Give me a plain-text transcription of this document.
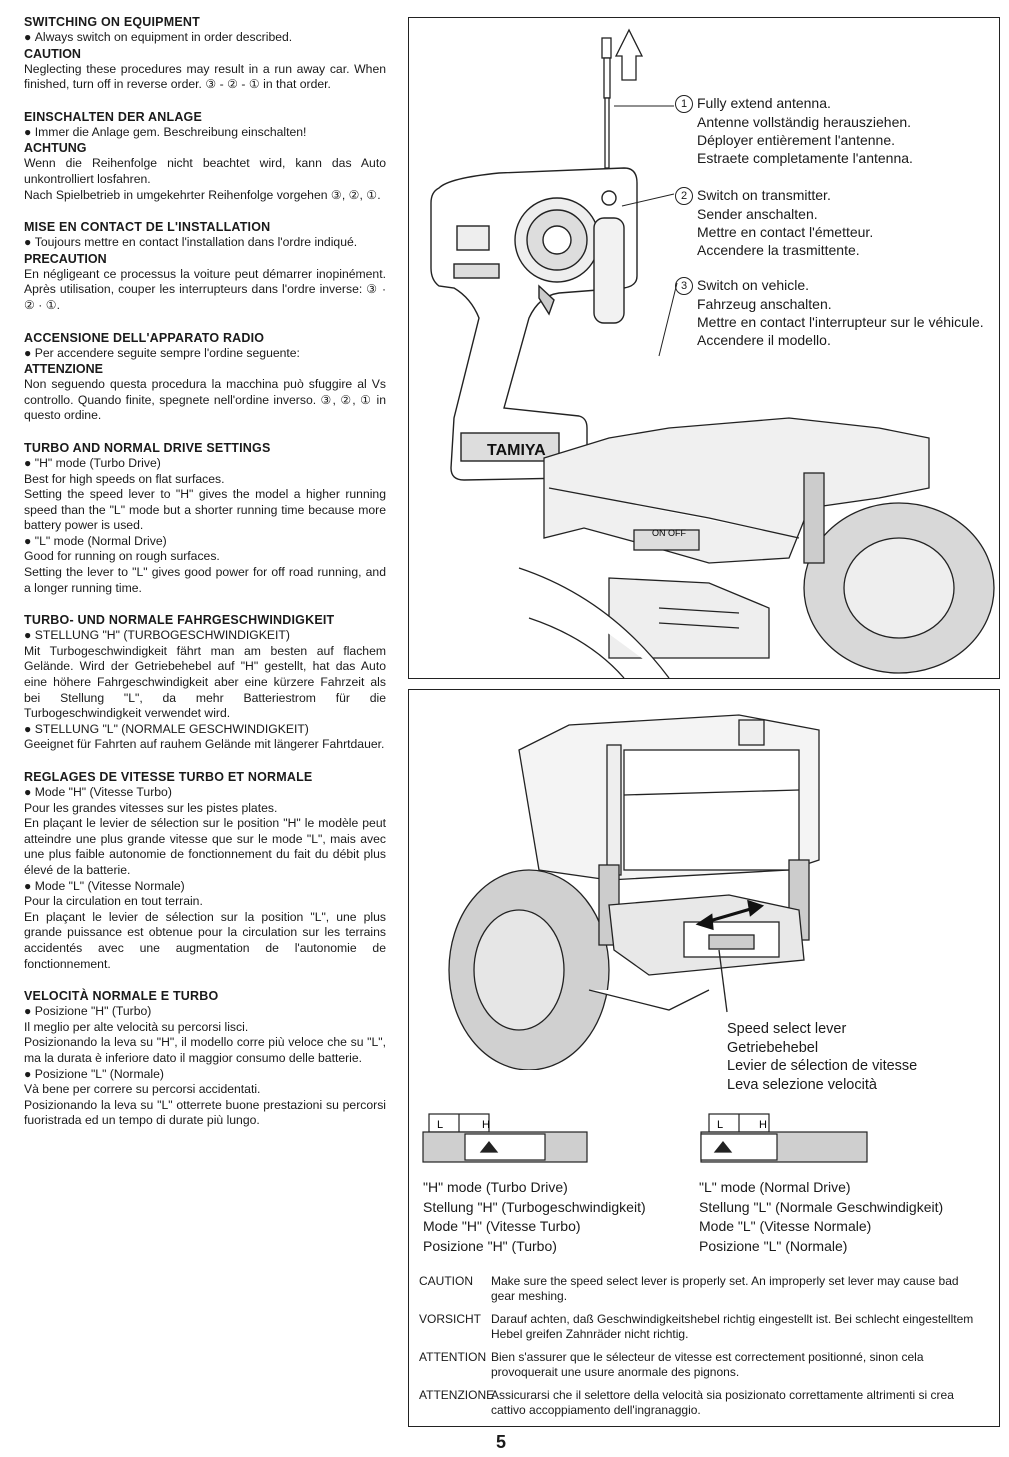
SWITCHING ON EQUIPMENT
● Always switch on equipment in order described.
CAUTION
Neglecting these procedures may result in a run away car. When finished, turn off in reverse order. ③ - ② - ① in that order.
EINSCHALTEN DER ANLAGE
● Immer die Anlage gem. Beschreibung einschalten!
ACHTUNG
Wenn die Reihenfolge nicht beachtet wird, kann das Auto unkontrolliert losfahren.
Nach Spielbetrieb in umgekehrter Reihenfolge vorgehen ③, ②, ①.
MISE EN CONTACT DE L'INSTALLATION
● Toujours mettre en contact l'installation dans l'ordre indiqué.
PRECAUTION
En négligeant ce processus la voiture peut démarrer inopinément. Après utilisation, couper les interrupteurs dans l'ordre inverse: ③ · ② · ①.
ACCENSIONE DELL'APPARATO RADIO
● Per accendere seguite sempre l'ordine seguente:
ATTENZIONE
Non seguendo questa procedura la macchina può sfuggire al Vs controllo. Quando finite, spegnete nell'ordine inverso. ③, ②, ① in questo ordine.
TURBO AND NORMAL DRIVE SETTINGS
● "H" mode (Turbo Drive)
Best for high speeds on flat surfaces.
Setting the speed lever to "H" gives the model a higher running speed than the "L" mode but a shorter running time because more battery power is used.
● "L" mode (Normal Drive)
Good for running on rough surfaces.
Setting the lever to "L" gives good power for off road running, and a longer running time.
TURBO- UND NORMALE FAHRGESCHWINDIGKEIT
● STELLUNG "H" (TURBOGESCHWINDIGKEIT)
Mit Turbogeschwindigkeit fährt man am besten auf flachem Gelände. Wird der Getriebehebel auf "H" gestellt, hat das Auto eine höhere Fahrgeschwindigkeit aber eine kürzere Fahrzeit als bei Stellung "L", da mehr Batteriestrom für die Turbogeschwindigkeit verwendet wird.
● STELLUNG "L" (NORMALE GESCHWINDIGKEIT)
Geeignet für Fahrten auf rauhem Gelände mit längerer Fahrtdauer.
REGLAGES DE VITESSE TURBO ET NORMALE
● Mode "H" (Vitesse Turbo)
Pour les grandes vitesses sur les pistes plates.
En plaçant le levier de sélection sur le position "H" le modèle peut atteindre une plus grande vitesse que sur le mode "L", mais avec une plus faible autonomie de fonctionnement du fait du débit plus élevé de la batterie.
● Mode "L" (Vitesse Normale)
Pour la circulation en tout terrain.
En plaçant le levier de sélection sur la position "L", une plus grande puissance est obtenue pour la circulation sur les terrains accidentés avec une augmentation de l'autonomie de fonctionnement.
VELOCITÀ NORMALE E TURBO
● Posizione "H" (Turbo)
Il meglio per alte velocità su percorsi lisci.
Posizionando la leva su "H", il modello corre più veloce che su "L", ma la durata è inferiore dato il maggior consumo delle batterie.
● Posizione "L" (Normale)
Và bene per correre su percorsi accidentati.
Posizionando la leva su "L" otterrete buone prestazioni su percorsi fuoristrada ed un tempo di durate più lungo.
TAMIYA
ON OFF
1 Fully extend antenna.
Antenne vollständig herausziehen.
Déployer entièrement l'antenne.
Estraete completamente l'antenna.
2 Switch on transmitter.
Sender anschalten.
Mettre en contact l'émetteur.
Accendere la trasmittente.
3 Switch on vehicle.
Fahrzeug anschalten.
Mettre en contact l'interrupteur sur le véhicule.
Accendere il modello.
Speed select lever
Getriebehebel
Levier de sélection de vitesse
Leva selezione velocità
L	H	L	H
"H" mode (Turbo Drive)
Stellung "H" (Turbogeschwindigkeit)
Mode "H" (Vitesse Turbo)
Posizione "H" (Turbo)
"L" mode (Normal Drive)
Stellung "L" (Normale Geschwindigkeit)
Mode "L" (Vitesse Normale)
Posizione "L" (Normale)
CAUTION Make sure the speed select lever is properly set. An improperly set lever may cause bad gear meshing.
VORSICHT Darauf achten, daß Geschwindigkeitshebel richtig eingestellt ist. Bei schlecht eingestelltem Hebel greifen Zahnräder nicht richtig.
ATTENTION Bien s'assurer que le sélecteur de vitesse est correctement positionné, sinon cela provoquerait une usure anormale des pignons.
ATTENZIONE
Assicurarsi che il selettore della velocità sia posizionato correttamente altrimenti si crea cattivo accoppiamento dell'ingranaggio.
5
